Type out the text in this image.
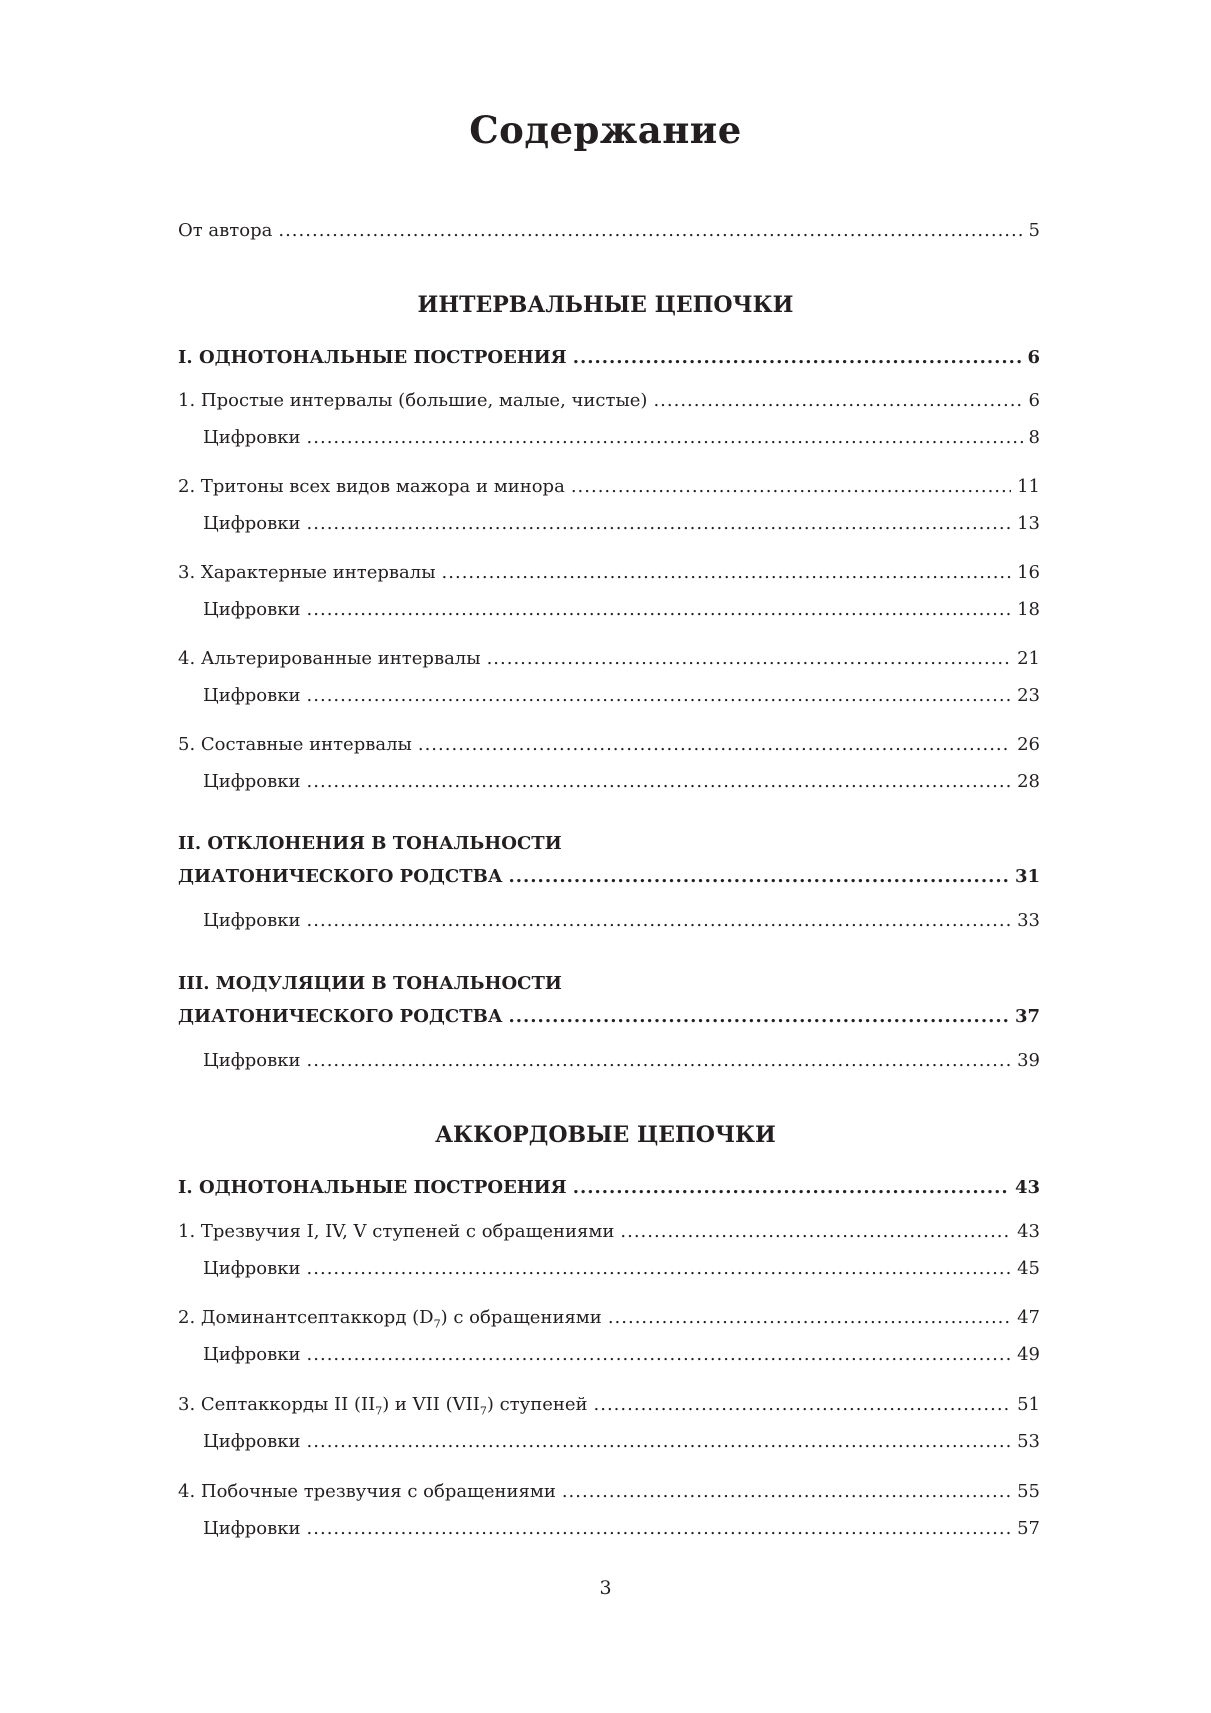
Содержание
От автора .....	5
ИНТЕРВАЛЬНЫЕ ЦЕПОЧКИ
I. ОДНОТОНАЛЬНЫЕ ПОСТРОЕНИЯ .....	6
1. Простые интервалы (большие, малые, чистые) .....	6
Цифровки .....	8
2. Тритоны всех видов мажора и минора .....	11
Цифровки .....	13
3. Характерные интервалы .....	16
Цифровки .....	18
4. Альтерированные интервалы .....	21
Цифровки .....	23
5. Составные интервалы .....	26
Цифровки .....	28
II. ОТКЛОНЕНИЯ В ТОНАЛЬНОСТИ
ДИАТОНИЧЕСКОГО РОДСТВА .....	31
Цифровки .....	33
III. МОДУЛЯЦИИ В ТОНАЛЬНОСТИ
ДИАТОНИЧЕСКОГО РОДСТВА .....	37
Цифровки .....	39
АККОРДОВЫЕ ЦЕПОЧКИ
I. ОДНОТОНАЛЬНЫЕ ПОСТРОЕНИЯ .....	43
1. Трезвучия I, IV, V ступеней с обращениями .....	43
Цифровки .....	45
2. Доминантсептаккорд $(D_7)$ с обращениями .....	47
Цифровки .....	49
3. Септаккорды II $(II_7)$ и VII $(VII_7)$ ступеней .....	51
Цифровки .....	53
4. Побочные трезвучия с обращениями .....	55
Цифровки .....	57

3
